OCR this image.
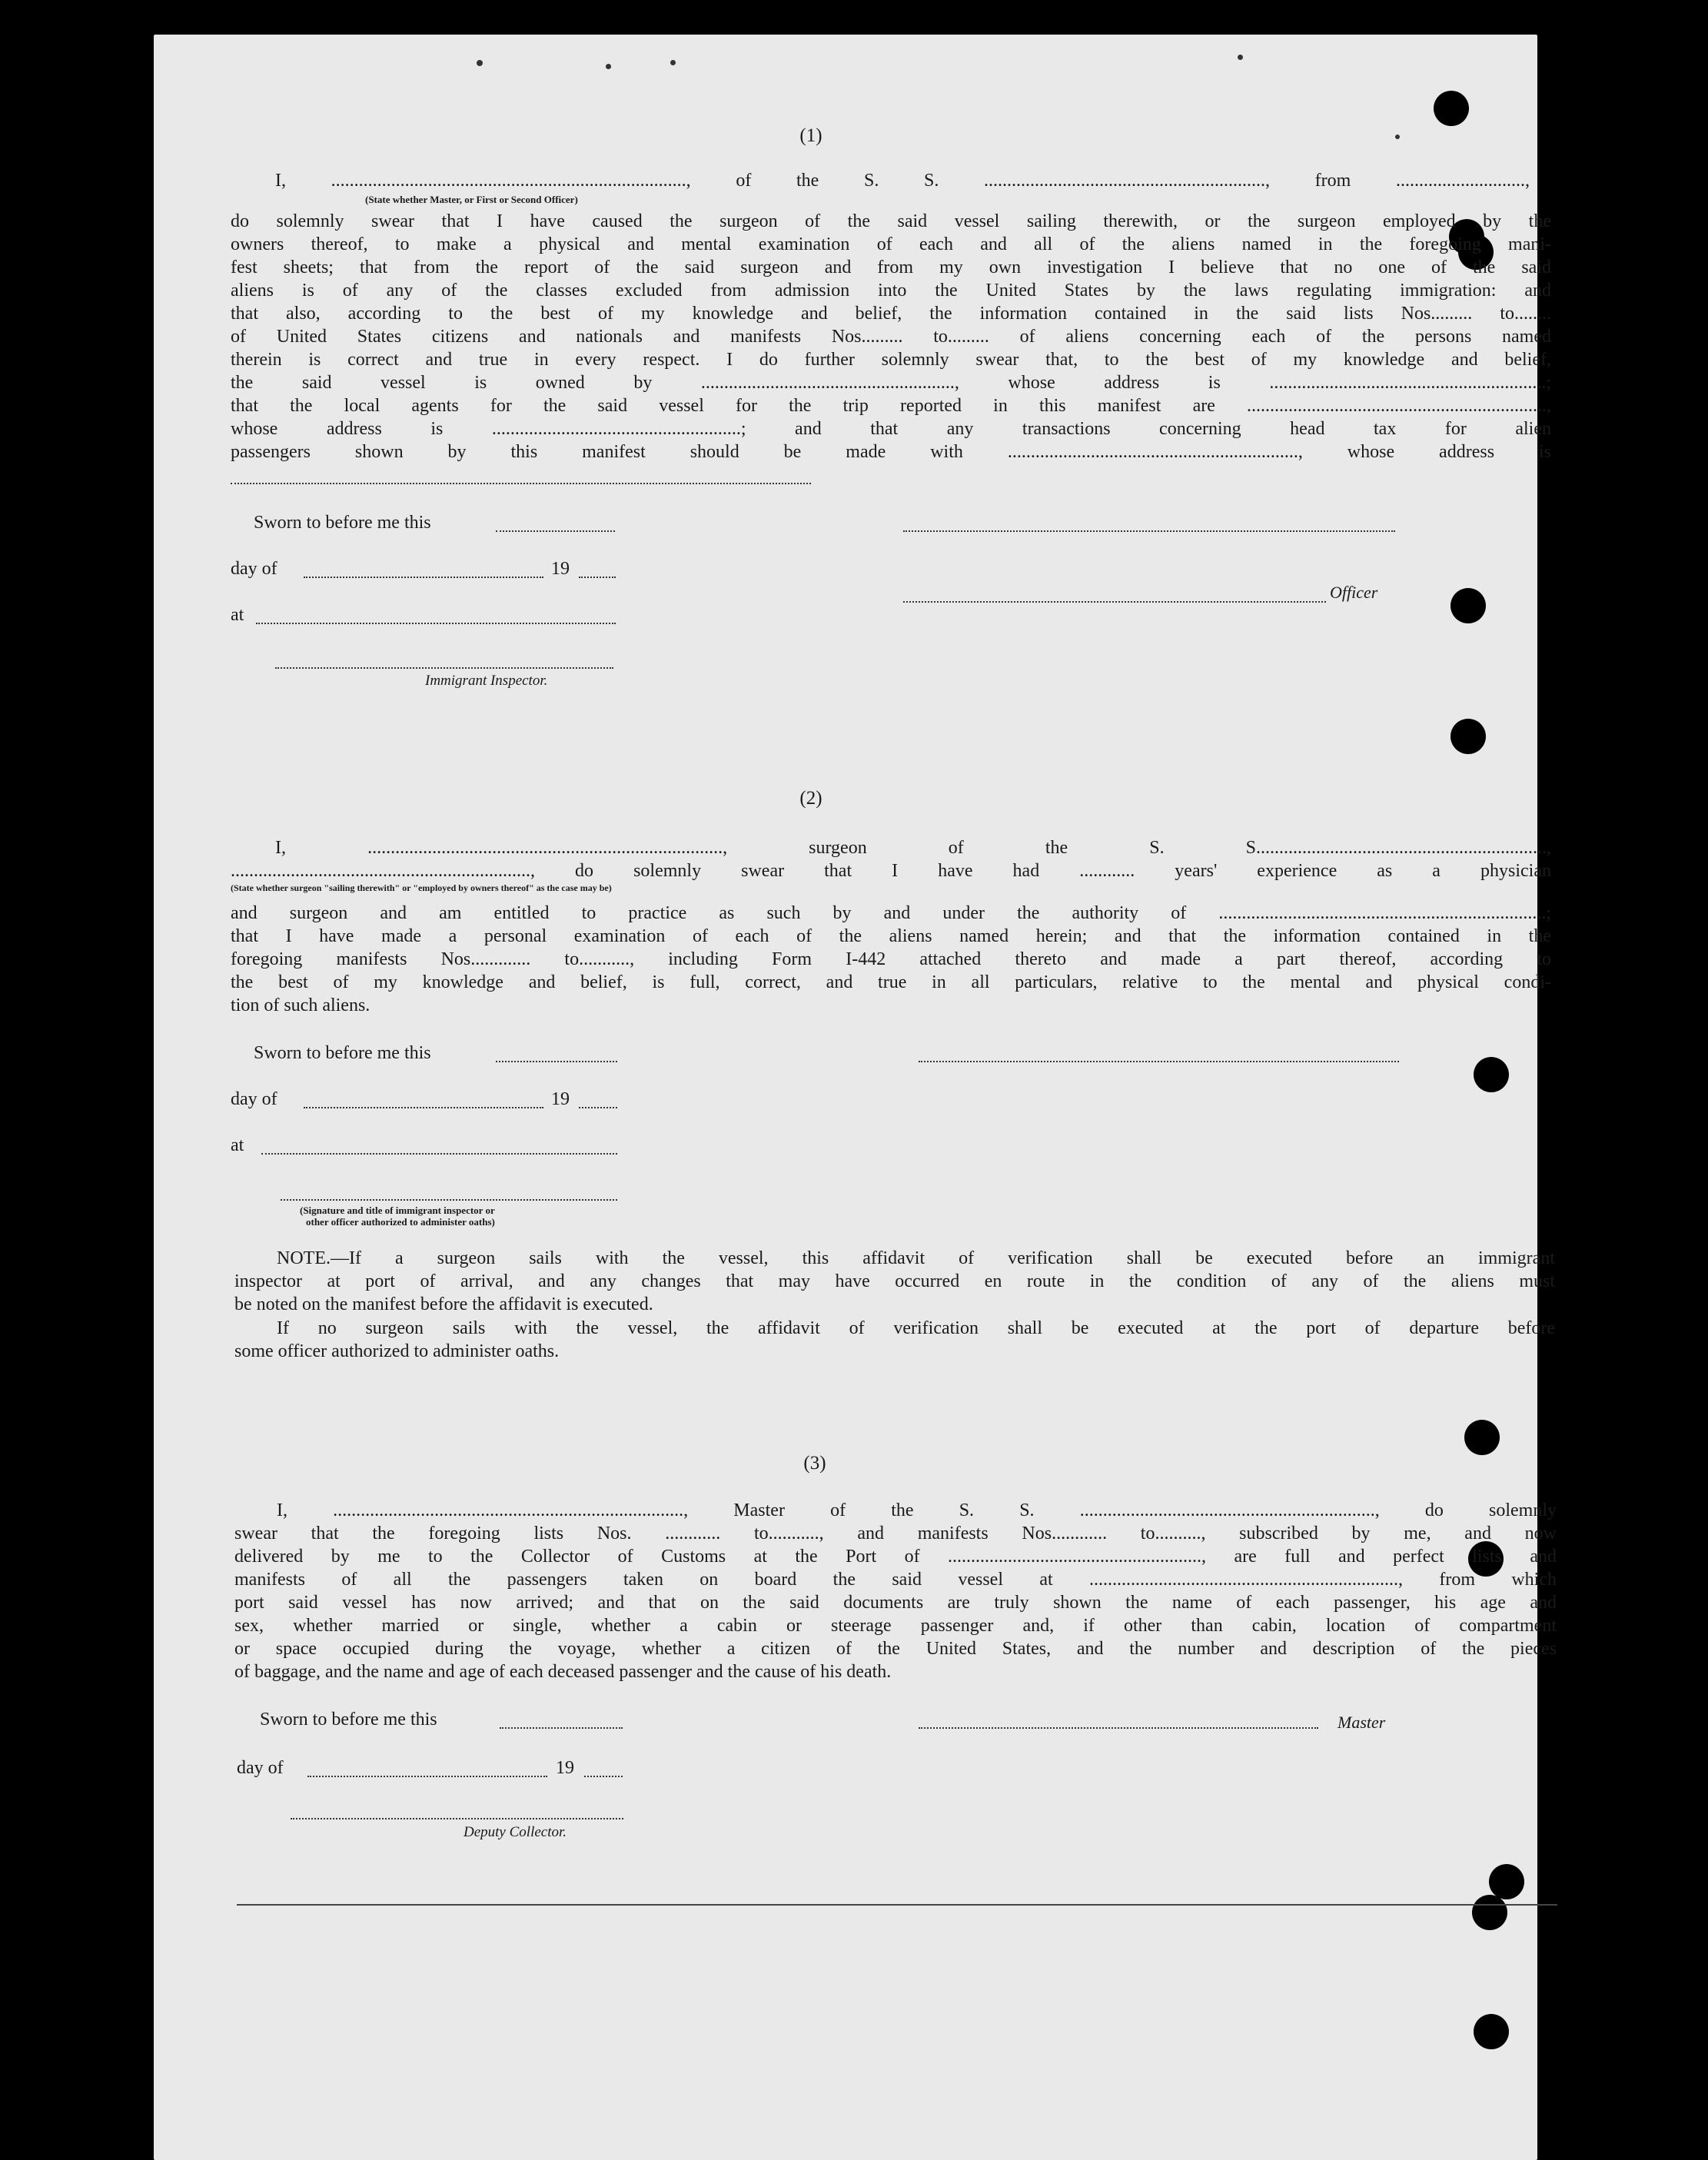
(1)
I, ............................................................................., of the S. S. ............................................................., from ............................,
(State whether Master, or First or Second Officer)
do solemnly swear that I have caused the surgeon of the said vessel sailing therewith, or the surgeon employed by the
owners thereof, to make a physical and mental examination of each and all of the aliens named in the foregoing mani-
fest sheets; that from the report of the said surgeon and from my own investigation I believe that no one of the said
aliens is of any of the classes excluded from admission into the United States by the laws regulating immigration: and
that also, according to the best of my knowledge and belief, the information contained in the said lists Nos......... to........
of United States citizens and nationals and manifests Nos......... to......... of aliens concerning each of the persons named
therein is correct and true in every respect. I do further solemnly swear that, to the best of my knowledge and belief,
the said vessel is owned by ......................................................., whose address is ............................................................;
that the local agents for the said vessel for the trip reported in this manifest are .................................................................,
whose address is ......................................................; and that any transactions concerning head tax for alien
passengers shown by this manifest should be made with ..............................................................., whose address is
Sworn to before me this
day of	19
Officer
at
Immigrant Inspector.
(2)
I, ............................................................................., surgeon of the S. S...............................................................,
................................................................., do solemnly swear that I have had ............ years' experience as a physician
(State whether surgeon "sailing therewith" or "employed by owners thereof" as the case may be)
and surgeon and am entitled to practice as such by and under the authority of .......................................................................;
that I have made a personal examination of each of the aliens named herein; and that the information contained in the
foregoing manifests Nos............. to..........., including Form I-442 attached thereto and made a part thereof, according to
the best of my knowledge and belief, is full, correct, and true in all particulars, relative to the mental and physical condi-
tion of such aliens.
Sworn to before me this
day of	19
at
(Signature and title of immigrant inspector or
other officer authorized to administer oaths)
NOTE.—If a surgeon sails with the vessel, this affidavit of verification shall be executed before an immigrant
inspector at port of arrival, and any changes that may have occurred en route in the condition of any of the aliens must
be noted on the manifest before the affidavit is executed.
If no surgeon sails with the vessel, the affidavit of verification shall be executed at the port of departure before
some officer authorized to administer oaths.
(3)
I, ............................................................................, Master of the S. S. ................................................................, do solemnly
swear that the foregoing lists Nos. ............ to..........., and manifests Nos............ to.........., subscribed by me, and now
delivered by me to the Collector of Customs at the Port of ......................................................., are full and perfect lists and
manifests of all the passengers taken on board the said vessel at ..................................................................., from which
port said vessel has now arrived; and that on the said documents are truly shown the name of each passenger, his age and
sex, whether married or single, whether a cabin or steerage passenger and, if other than cabin, location of compartment
or space occupied during the voyage, whether a citizen of the United States, and the number and description of the pieces
of baggage, and the name and age of each deceased passenger and the cause of his death.
Sworn to before me this	Master
day of	19
Deputy Collector.
